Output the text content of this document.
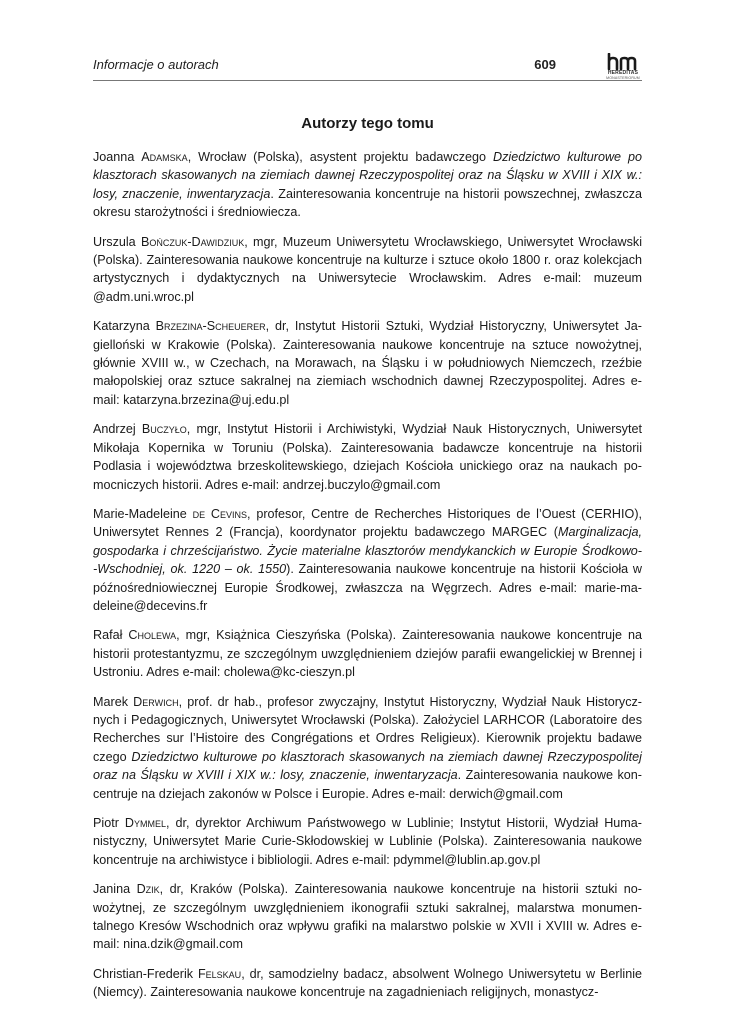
Informacje o autorach	609
HEREDITAS
MONASTERIORUM
Autorzy tego tomu

Joanna Adamska, Wrocław (Polska), asystent projektu badawczego Dziedzictwo kulturowe po klasztorach skasowanych na ziemiach dawnej Rzeczypospolitej oraz na Śląsku w XVIII i XIX w.: losy, znaczenie, inwentaryzacja. Zainteresowania koncentruje na historii powszechnej, zwłaszcza okresu starożytności i średniowiecza.

Urszula Bończuk-Dawidziuk, mgr, Muzeum Uniwersytetu Wrocławskiego, Uniwersytet Wrocławski (Polska). Zainteresowania naukowe koncentruje na kulturze i sztuce około 1800 r. oraz kolekcjach artystycznych i dydaktycznych na Uniwersytecie Wrocławskim. Adres e-mail: muzeum @adm.uni.wroc.pl

Katarzyna Brzezina-Scheuerer, dr, Instytut Historii Sztuki, Wydział Historyczny, Uniwersytet Jagielloński w Krakowie (Polska). Zainteresowania naukowe koncentruje na sztuce nowożytnej, głównie XVIII w., w Czechach, na Morawach, na Śląsku i w południowych Niemczech, rzeźbie małopolskiej oraz sztuce sakralnej na ziemiach wschodnich dawnej Rzeczypospolitej. Adres e-mail: katarzyna.brzezina@uj.edu.pl

Andrzej Buczyło, mgr, Instytut Historii i Archiwistyki, Wydział Nauk Historycznych, Uniwersytet Mikołaja Kopernika w Toruniu (Polska). Zainteresowania badawcze koncentruje na historii Podlasia i województwa brzeskolitewskiego, dziejach Kościoła unickiego oraz na naukach pomocniczych historii. Adres e-mail: andrzej.buczylo@gmail.com

Marie-Madeleine de Cevins, profesor, Centre de Recherches Historiques de l’Ouest (CERHIO), Uniwersytet Rennes 2 (Francja), koordynator projektu badawczego MARGEC (Marginalizacja, gospodarka i chrześcijaństwo. Życie materialne klasztorów mendykanckich w Europie Środkowo-‑Wschodniej, ok. 1220 – ok. 1550). Zainteresowania naukowe koncentruje na historii Kościoła w późnośredniowiecznej Europie Środkowej, zwłaszcza na Węgrzech. Adres e-mail: marie-madeleine@decevins.fr

Rafał Cholewa, mgr, Książnica Cieszyńska (Polska). Zainteresowania naukowe koncentruje na historii protestantyzmu, ze szczególnym uwzględnieniem dziejów parafii ewangelickiej w Brennej i Ustroniu. Adres e-mail: cholewa@kc-cieszyn.pl

Marek Derwich, prof. dr hab., profesor zwyczajny, Instytut Historyczny, Wydział Nauk Historycznych i Pedagogicznych, Uniwersytet Wrocławski (Polska). Założyciel LARHCOR (Laboratoire des Recherches sur l’Histoire des Congrégations et Ordres Religieux). Kierownik projektu badawe czego Dziedzictwo kulturowe po klasztorach skasowanych na ziemiach dawnej Rzeczypospolitej oraz na Śląsku w XVIII i XIX w.: losy, znaczenie, inwentaryzacja. Zainteresowania naukowe koncentruje na dziejach zakonów w Polsce i Europie. Adres e-mail: derwich@gmail.com

Piotr Dymmel, dr, dyrektor Archiwum Państwowego w Lublinie; Instytut Historii, Wydział Humanistyczny, Uniwersytet Marie Curie-Skłodowskiej w Lublinie (Polska). Zainteresowania naukowe koncentruje na archiwistyce i bibliologii. Adres e-mail: pdymmel@lublin.ap.gov.pl

Janina Dzik, dr, Kraków (Polska). Zainteresowania naukowe koncentruje na historii sztuki nowożytnej, ze szczególnym uwzględnieniem ikonografii sztuki sakralnej, malarstwa monumentalnego Kresów Wschodnich oraz wpływu grafiki na malarstwo polskie w XVII i XVIII w. Adres e-mail: nina.dzik@gmail.com

Christian-Frederik Felskau, dr, samodzielny badacz, absolwent Wolnego Uniwersytetu w Berlinie (Niemcy). Zainteresowania naukowe koncentruje na zagadnieniach religijnych, monastycz-
